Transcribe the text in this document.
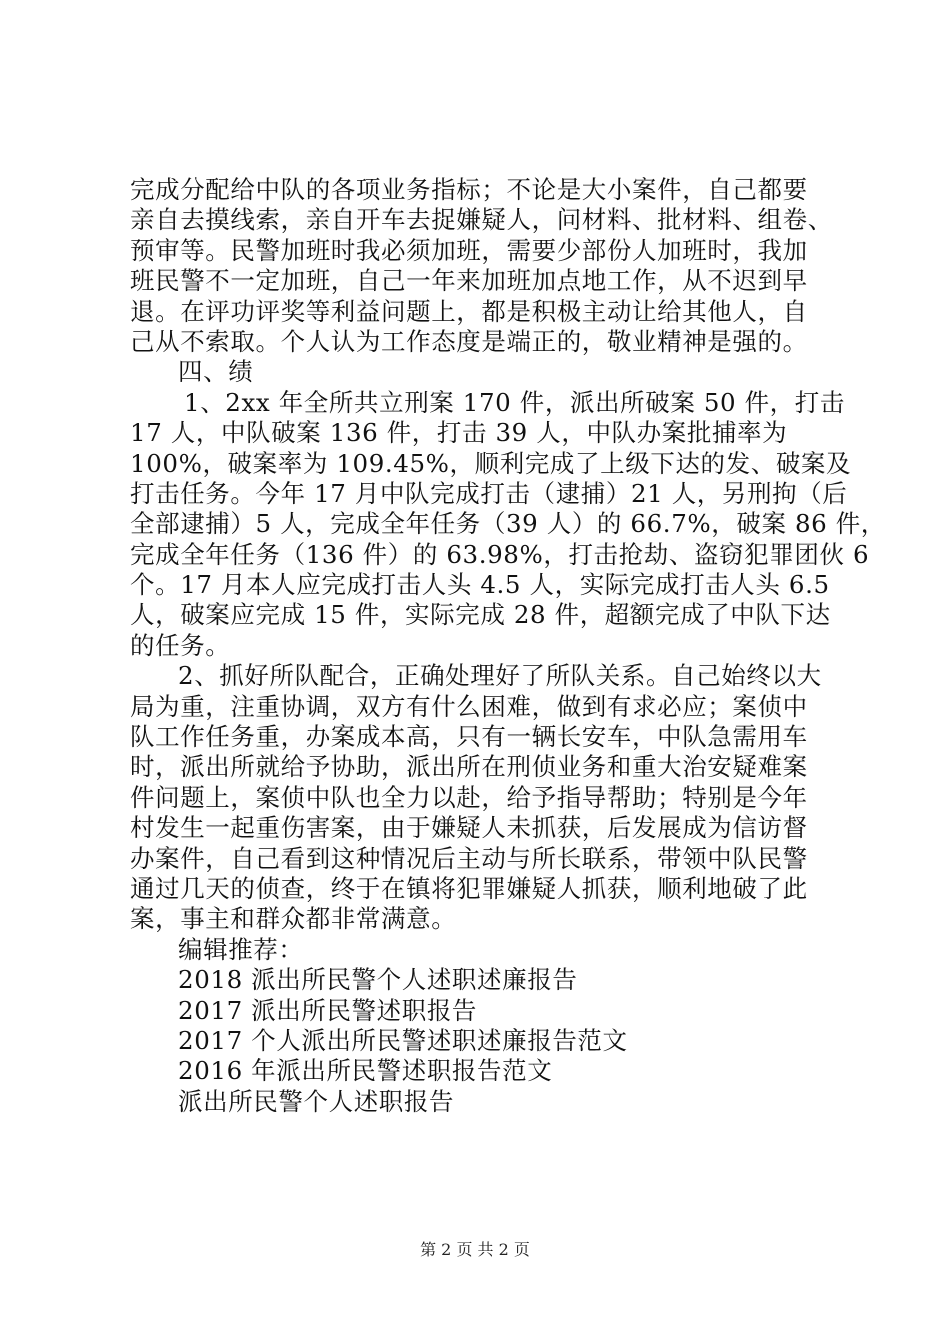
完成分配给中队的各项业务指标；不论是大小案件，自己都要
亲自去摸线索，亲自开车去捉嫌疑人，问材料、批材料、组卷、
预审等。民警加班时我必须加班，需要少部份人加班时，我加
班民警不一定加班，自己一年来加班加点地工作，从不迟到早
退。在评功评奖等利益问题上，都是积极主动让给其他人，自
己从不索取。个人认为工作态度是端正的，敬业精神是强的。
四、绩
1、2xx 年全所共立刑案 170 件，派出所破案 50 件，打击
17 人，中队破案 136 件，打击 39 人，中队办案批捕率为
100%，破案率为 109.45%，顺利完成了上级下达的发、破案及
打击任务。今年 17 月中队完成打击（逮捕）21 人，另刑拘（后
全部逮捕）5 人，完成全年任务（39 人）的 66.7%，破案 86 件，
完成全年任务（136 件）的 63.98%，打击抢劫、盗窃犯罪团伙 6
个。17 月本人应完成打击人头 4.5 人，实际完成打击人头 6.5
人，破案应完成 15 件，实际完成 28 件，超额完成了中队下达
的任务。
2、抓好所队配合，正确处理好了所队关系。自己始终以大
局为重，注重协调，双方有什么困难，做到有求必应；案侦中
队工作任务重，办案成本高，只有一辆长安车，中队急需用车
时，派出所就给予协助，派出所在刑侦业务和重大治安疑难案
件问题上，案侦中队也全力以赴，给予指导帮助；特别是今年
村发生一起重伤害案，由于嫌疑人未抓获，后发展成为信访督
办案件，自己看到这种情况后主动与所长联系，带领中队民警
通过几天的侦查，终于在镇将犯罪嫌疑人抓获，顺利地破了此
案，事主和群众都非常满意。
编辑推荐：
2018 派出所民警个人述职述廉报告
2017 派出所民警述职报告
2017 个人派出所民警述职述廉报告范文
2016 年派出所民警述职报告范文
派出所民警个人述职报告
第 2 页 共 2 页
